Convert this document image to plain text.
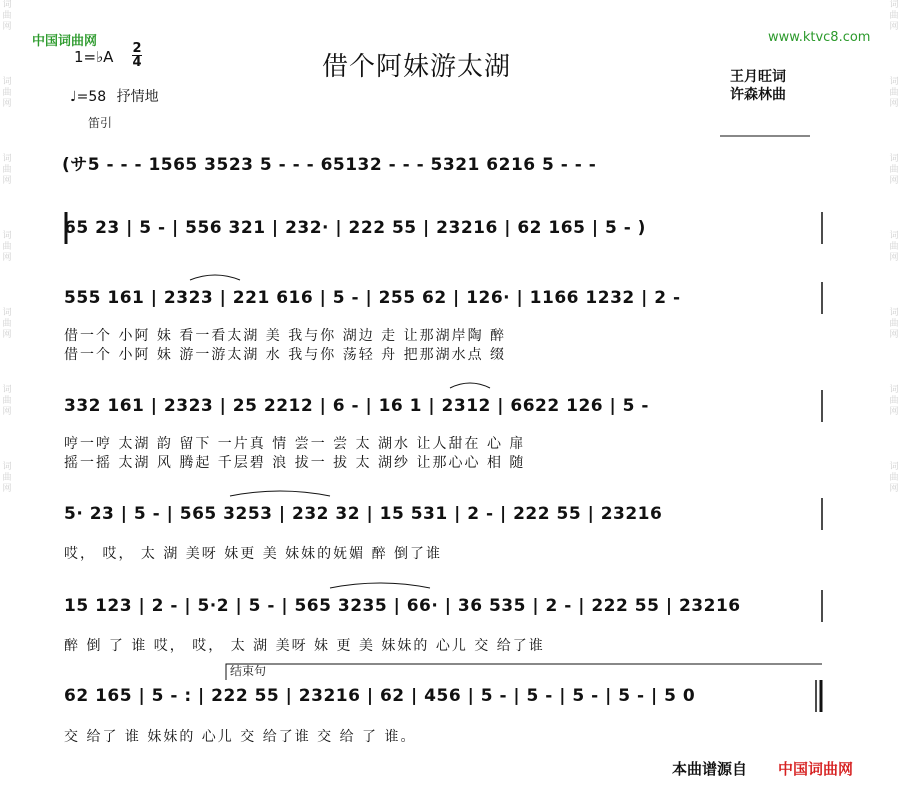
词
曲
网
词
曲
网
词
曲
网
词
曲
网
词
曲
网
词
曲
网
词
曲
网
词
曲
网
词
曲
网
词
曲
网
词
曲
网
词
曲
网
词
曲
网
词
曲
网
中国词曲网	www.ktvc8.com
借个阿妹游太湖	王月旺词
许森林曲
1=♭A 2
4
♩=58 抒情地
笛引
(サ5 - - - 1565 3523 5 - - - 65132 - - - 5321 6216 5 - - -
65 23 | 5 - | 556 321 | 232· | 222 55 | 23216 | 62 165 | 5 - )
555 161 | 2323 | 221 616 | 5 - | 255 62 | 126· | 1166 1232 | 2 -
借一个 小阿 妹 看一看太湖 美 我与你 湖边 走 让那湖岸陶 醉
借一个 小阿 妹 游一游太湖 水 我与你 荡轻 舟 把那湖水点 缀
332 161 | 2323 | 25 2212 | 6 - | 16 1 | 2312 | 6622 126 | 5 -
哼一哼 太湖 韵 留下 一片真 情 尝一 尝 太 湖水 让人甜在 心 扉
摇一摇 太湖 风 腾起 千层碧 浪 拔一 拔 太 湖纱 让那心心 相 随
5· 23 | 5 - | 565 3253 | 232 32 | 15 531 | 2 - | 222 55 | 23216
哎， 哎， 太 湖 美呀 妹更 美 妹妹的妩媚 醉 倒了谁
15 123 | 2 - | 5·2 | 5 - | 565 3235 | 66· | 36 535 | 2 - | 222 55 | 23216
醉 倒 了 谁 哎， 哎， 太 湖 美呀 妹 更 美 妹妹的 心儿 交 给了谁
结束句
62 165 | 5 - : | 222 55 | 23216 | 62 | 456 | 5 - | 5 - | 5 - | 5 - | 5 0
交 给了 谁 妹妹的 心儿 交 给了谁 交 给 了 谁。
本曲谱源自 中国词曲网
